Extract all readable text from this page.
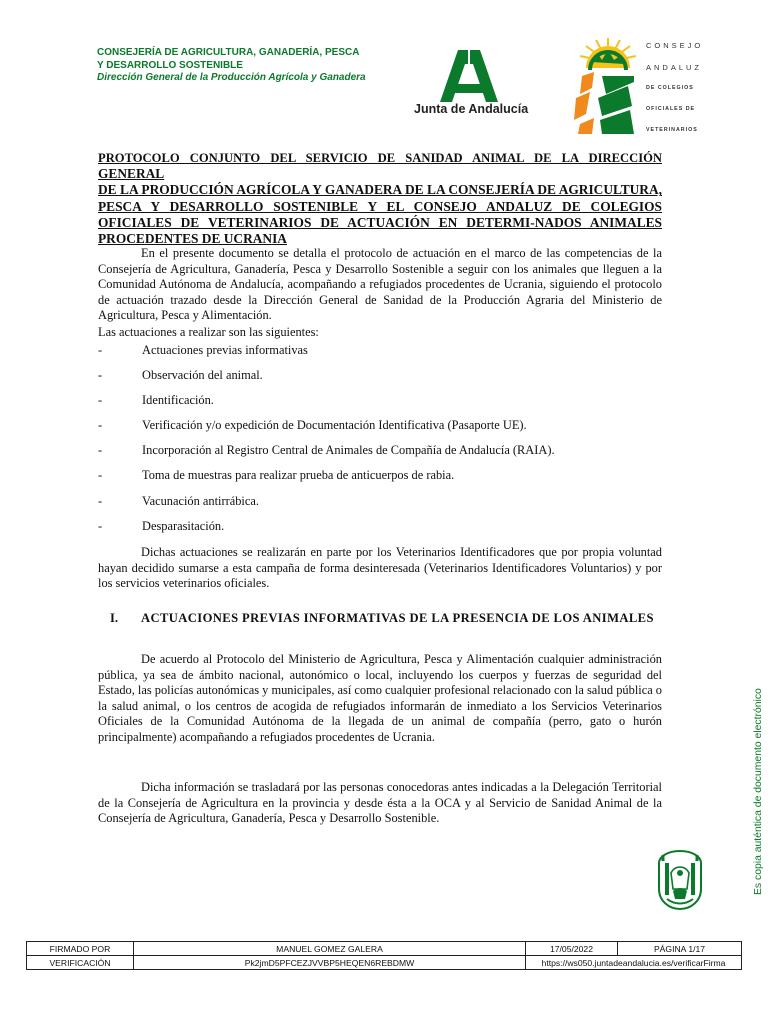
CONSEJERÍA DE AGRICULTURA, GANADERÍA, PESCA
Y DESARROLLO SOSTENIBLE
Dirección General de la Producción Agrícola y Ganadera
Junta de Andalucía
CONSEJO
ANDALUZ
DE COLEGIOS
OFICIALES DE
VETERINARIOS
PROTOCOLO CONJUNTO DEL SERVICIO DE SANIDAD ANIMAL DE LA DIRECCIÓN GENERAL
DE LA PRODUCCIÓN AGRÍCOLA Y GANADERA DE LA CONSEJERÍA DE AGRICULTURA, PESCA Y DESARROLLO SOSTENIBLE Y EL CONSEJO ANDALUZ DE COLEGIOS OFICIALES DE VETERINARIOS DE ACTUACIÓN EN DETERMI-NADOS ANIMALES PROCEDENTES DE UCRANIA
En el presente documento se detalla el protocolo de actuación en el marco de las competencias de la Consejería de Agricultura, Ganadería, Pesca y Desarrollo Sostenible a seguir con los animales que lleguen a la Comunidad Autónoma de Andalucía, acompañando a refugiados procedentes de Ucrania, siguiendo el protocolo de actuación trazado desde la Dirección General de Sanidad de la Producción Agraria del Ministerio de Agricultura, Pesca y Alimentación.
Las actuaciones a realizar son las siguientes:
-	Actuaciones previas informativas
-	Observación del animal.
-	Identificación.
-	Verificación y/o expedición de Documentación Identificativa (Pasaporte UE).
-	Incorporación al Registro Central de Animales de Compañía de Andalucía (RAIA).
-	Toma de muestras para realizar prueba de anticuerpos de rabia.
-	Vacunación antirrábica.
-	Desparasitación.
Dichas actuaciones se realizarán en parte por los Veterinarios Identificadores que por propia voluntad hayan decidido sumarse a esta campaña de forma desinteresada (Veterinarios Identificadores Voluntarios) y por los servicios veterinarios oficiales.
I. ACTUACIONES PREVIAS INFORMATIVAS DE LA PRESENCIA DE LOS ANIMALES
De acuerdo al Protocolo del Ministerio de Agricultura, Pesca y Alimentación cualquier administración pública, ya sea de ámbito nacional, autonómico o local, incluyendo los cuerpos y fuerzas de seguridad del Estado, las policías autonómicas y municipales, así como cualquier profesional relacionado con la salud pública o la salud animal, o los centros de acogida de refugiados informarán de inmediato a los Servicios Veterinarios Oficiales de la Comunidad Autónoma de la llegada de un animal de compañía (perro, gato o hurón principalmente) acompañando a refugiados procedentes de Ucrania.
Dicha información se trasladará por las personas conocedoras antes indicadas a la Delegación Territorial de la Consejería de Agricultura en la provincia y desde ésta a la OCA y al Servicio de Sanidad Animal de la Consejería de Agricultura, Ganadería, Pesca y Desarrollo Sostenible.	Es copia auténtica de documento electrónico
FIRMADO POR	MANUEL GOMEZ GALERA	17/05/2022	PÁGINA 1/17
VERIFICACIÓN	Pk2jmD5PFCEZJVVBP5HEQEN6REBDMW	https://ws050.juntadeandalucia.es/verificarFirma	
